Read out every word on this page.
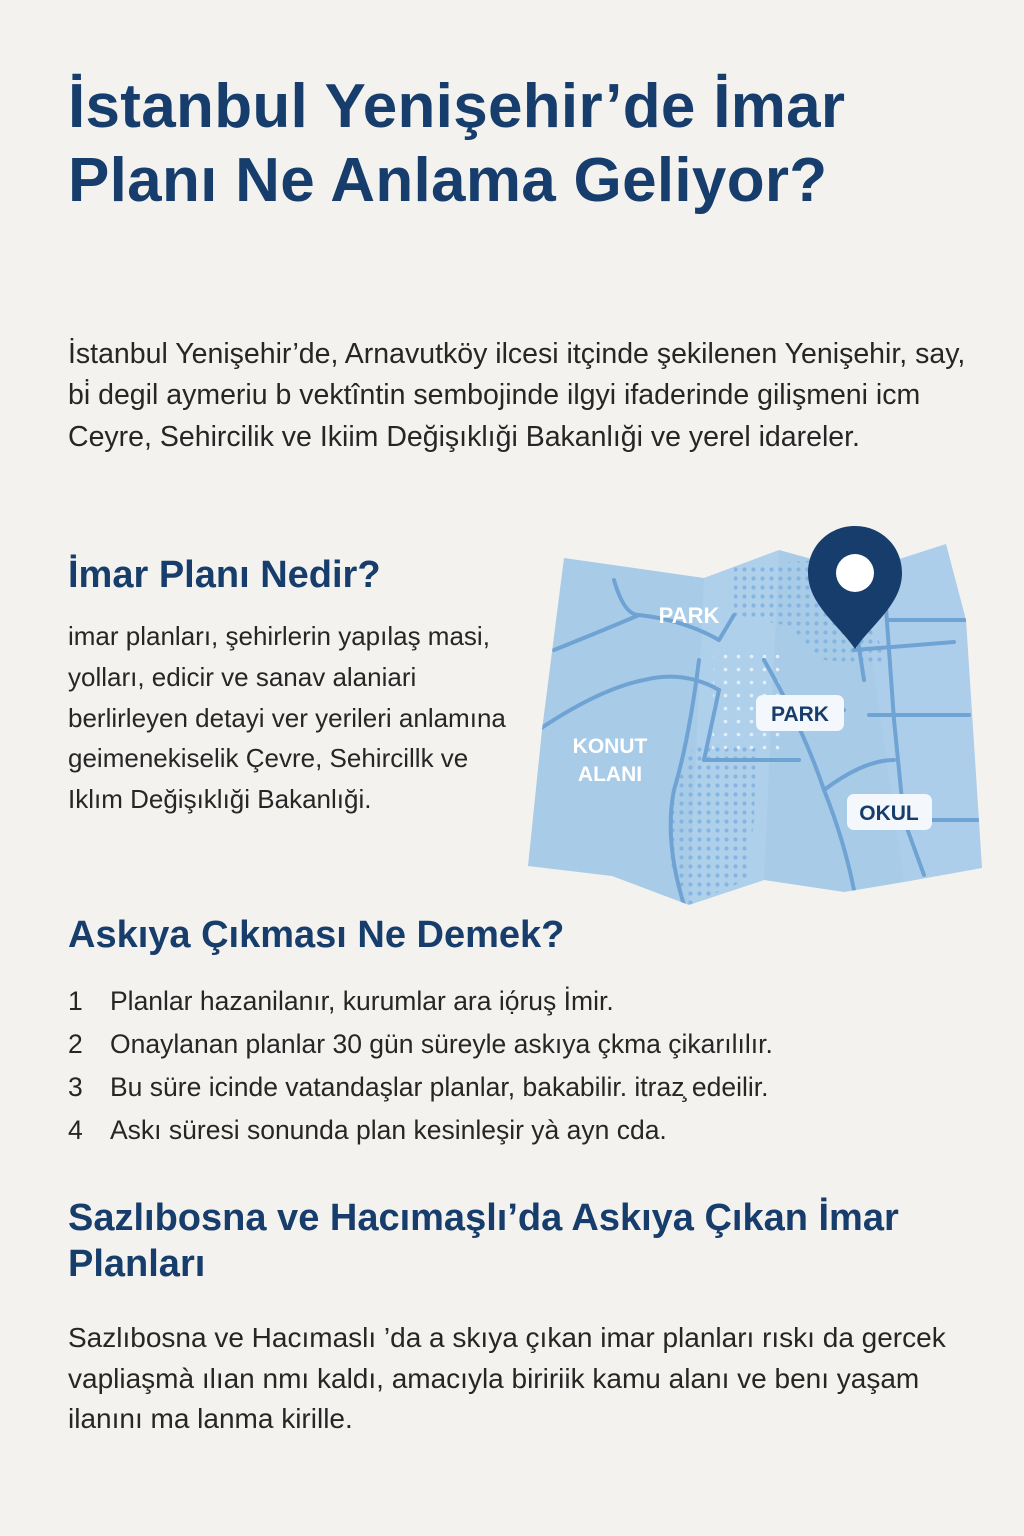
İstanbul Yenişehir’de İmar Planı Ne Anlama Geliyor?

İstanbul Yenişehir’de, Arnavutköy ilcesi itçinde şekilenen Yenişehir, say, bi̇ degil aymeriu b vektîntin sembojinde ilgyi ifaderinde gilişmeni icm Ceyre, Sehircilik ve Ikiim Değişıklıği Bakanlıği ve yerel idareler.

İmar Planı Nedir?

imar planları, şehirlerin yapılaş masi, yolları, edicir ve sanav alaniari berlirleyen detayi ver yerileri anlamına geimenekiselik Çevre, Sehircillk ve Iklım Değişıklıği Bakanlıği.

PARK
PARK
KONUT
ALANI
OKUL
Askıya Çıkması Ne Demek?
1	Planlar hazanilanır, kurumlar ara iọ́ruş İmir.
2	Onaylanan planlar 30 gün süreyle askıya çkma çikarılılır.
3	Bu süre icinde vatandaşlar planlar, bakabilir. itraz̧ edeilir.
4	Askı süresi sonunda plan kesinleşir yà ayn cda.
Sazlıbosna ve Hacımaşlı’da Askıya Çıkan İmar Planları

Sazlıbosna ve Hacımaslı ’da a skıya çıkan imar planları rıskı da gercek vapliaşmà ılıan nmı kaldı, amacıyla biririik kamu alanı ve benı yaşam ilanını ma lanma kirille.
